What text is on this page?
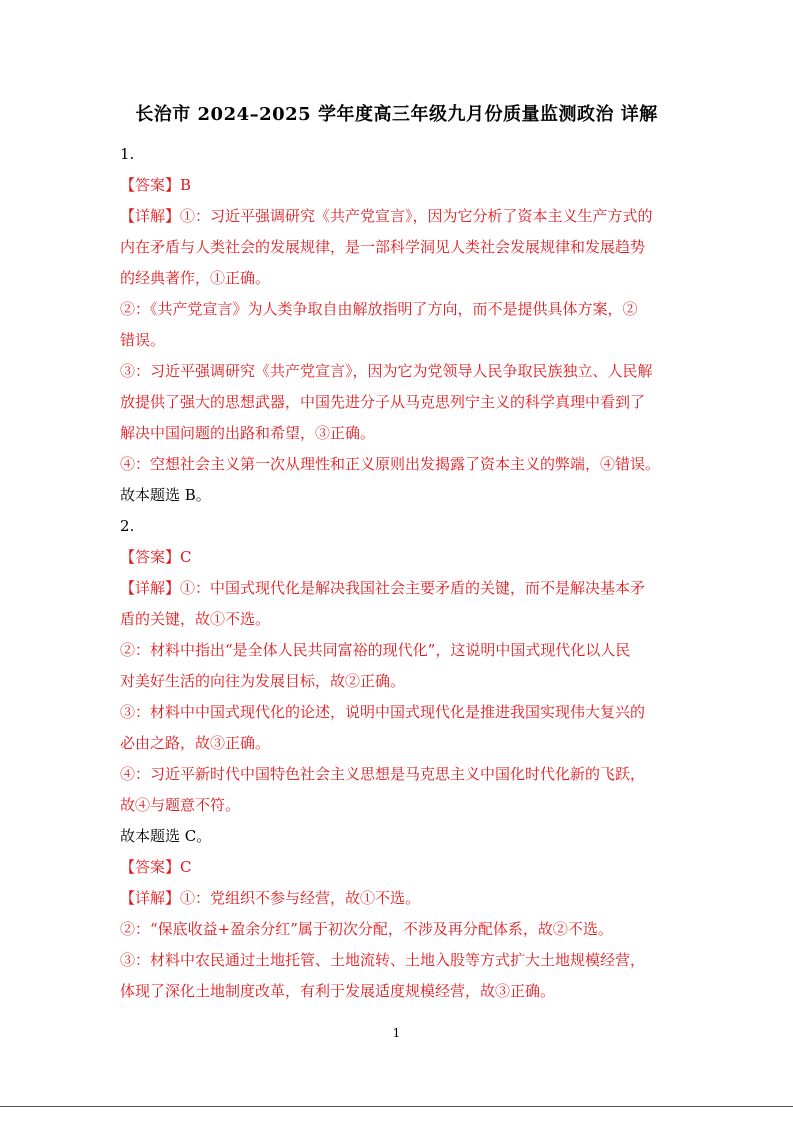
长治市 2024–2025 学年度高三年级九月份质量监测政治 详解
1.
【答案】B
【详解】①：习近平强调研究《共产党宣言》，因为它分析了资本主义生产方式的
内在矛盾与人类社会的发展规律，是一部科学洞见人类社会发展规律和发展趋势
的经典著作，①正确。
②：《共产党宣言》为人类争取自由解放指明了方向，而不是提供具体方案，②
错误。
③：习近平强调研究《共产党宣言》，因为它为党领导人民争取民族独立、人民解
放提供了强大的思想武器，中国先进分子从马克思列宁主义的科学真理中看到了
解决中国问题的出路和希望，③正确。
④：空想社会主义第一次从理性和正义原则出发揭露了资本主义的弊端，④错误。
故本题选 B。
2.
【答案】C
【详解】①：中国式现代化是解决我国社会主要矛盾的关键，而不是解决基本矛
盾的关键，故①不选。
②：材料中指出“是全体人民共同富裕的现代化”，这说明中国式现代化以人民
对美好生活的向往为发展目标，故②正确。
③：材料中中国式现代化的论述，说明中国式现代化是推进我国实现伟大复兴的
必由之路，故③正确。
④：习近平新时代中国特色社会主义思想是马克思主义中国化时代化新的飞跃，
故④与题意不符。
故本题选 C。
【答案】C
【详解】①：党组织不参与经营，故①不选。
②：“保底收益+盈余分红”属于初次分配，不涉及再分配体系，故②不选。
③：材料中农民通过土地托管、土地流转、土地入股等方式扩大土地规模经营，
体现了深化土地制度改革，有利于发展适度规模经营，故③正确。
1
